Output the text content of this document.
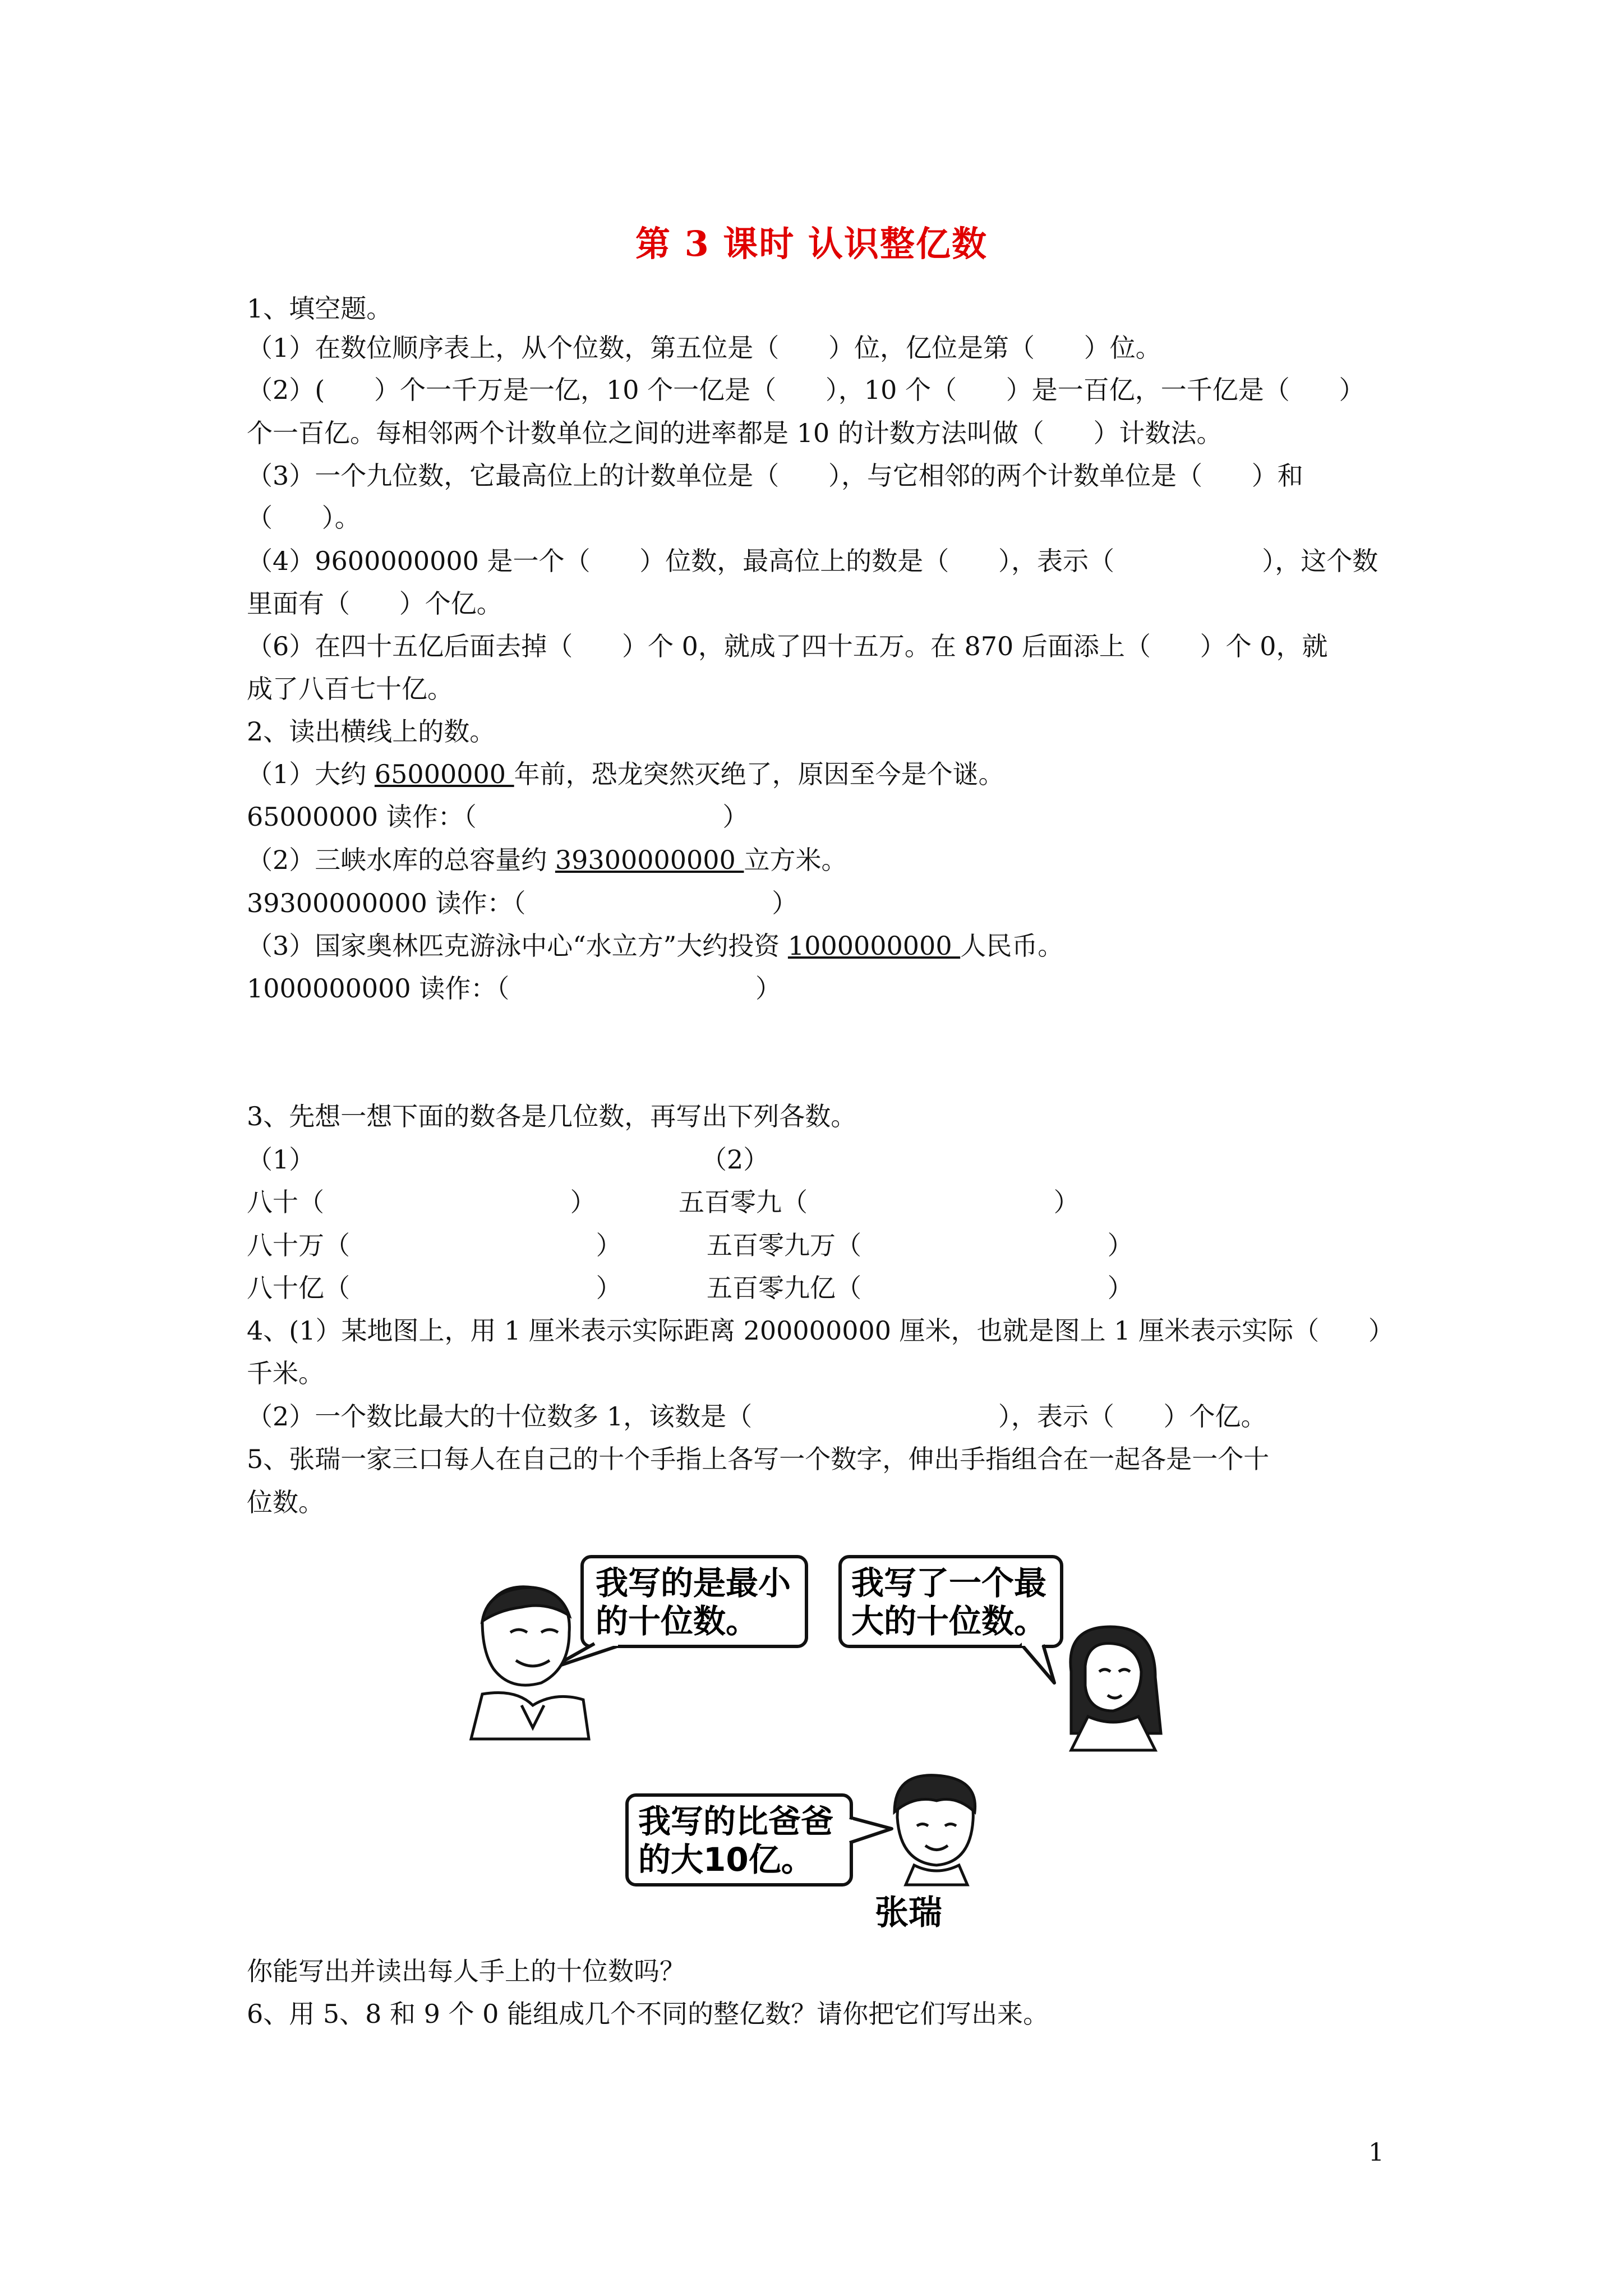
第 3 课时 认识整亿数
1、填空题。
（1）在数位顺序表上，从个位数，第五位是（      ）位，亿位是第（      ）位。
（2）(      ）个一千万是一亿，10 个一亿是（      ），10 个（      ）是一百亿，一千亿是（      ）
个一百亿。每相邻两个计数单位之间的进率都是 10 的计数方法叫做（      ）计数法。
（3）一个九位数，它最高位上的计数单位是（      ），与它相邻的两个计数单位是（      ）和
（      ）。
（4）9600000000 是一个（      ）位数，最高位上的数是（      ），表示（                  ），这个数
里面有（      ）个亿。
（6）在四十五亿后面去掉（      ）个 0，就成了四十五万。在 870 后面添上（      ）个 0，就
成了八百七十亿。
2、读出横线上的数。
（1）大约 65000000 年前，恐龙突然灭绝了，原因至今是个谜。
65000000 读作：（                              ）
（2）三峡水库的总容量约 39300000000 立方米。
39300000000 读作：（                              ）
（3）国家奥林匹克游泳中心“水立方”大约投资 1000000000 人民币。
1000000000 读作：（                              ）
3、先想一想下面的数各是几位数，再写出下列各数。
（1）	（2）
八十（                              ）	五百零九（                              ）
八十万（                              ）	五百零九万（                              ）
八十亿（                              ）	五百零九亿（                              ）
4、(1）某地图上，用 1 厘米表示实际距离 200000000 厘米，也就是图上 1 厘米表示实际（      ）
千米。
（2）一个数比最大的十位数多 1，该数是（                              ），表示（      ）个亿。
5、张瑞一家三口每人在自己的十个手指上各写一个数字，伸出手指组合在一起各是一个十
位数。
我写的是最小
的十位数。
我写了一个最
大的十位数。
我写的比爸爸
的大10亿。
张瑞
你能写出并读出每人手上的十位数吗？
6、用 5、8 和 9 个 0 能组成几个不同的整亿数？请你把它们写出来。
1
